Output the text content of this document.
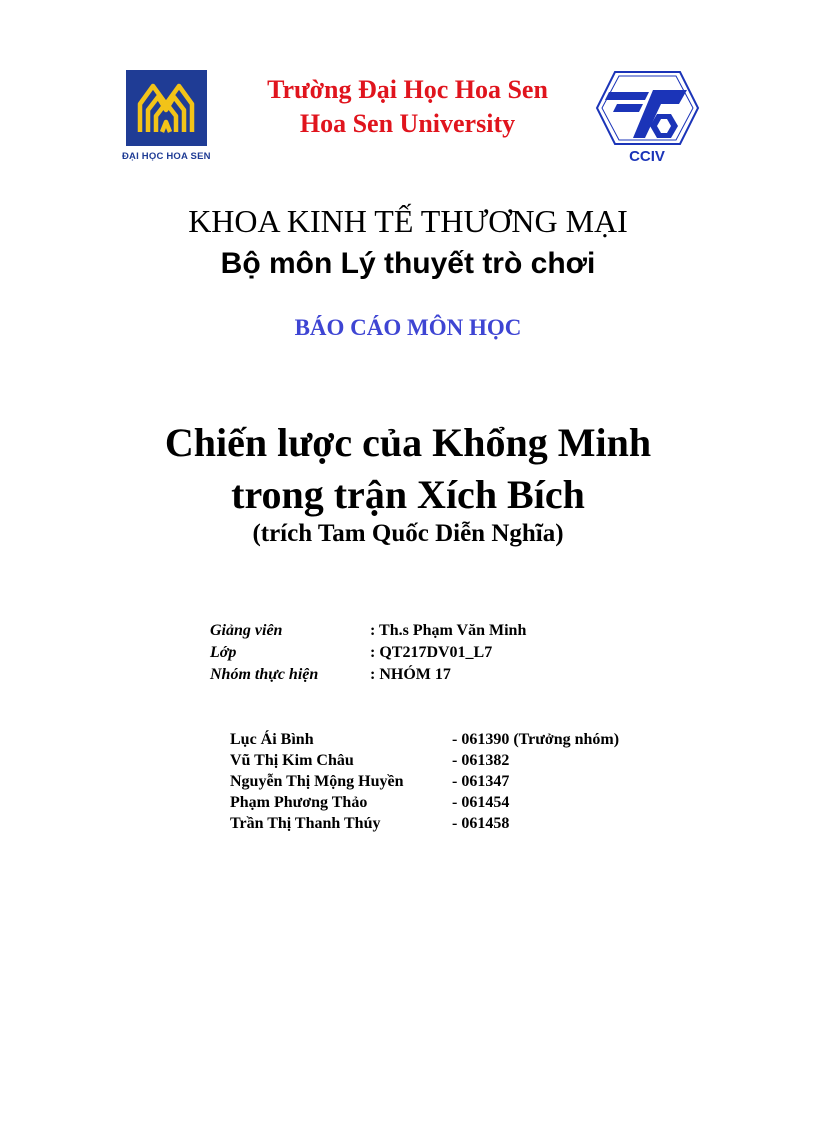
ĐẠI HỌC HOA SEN
Trường Đại Học Hoa Sen
Hoa Sen University
CCIV
KHOA KINH TẾ THƯƠNG MẠI
Bộ môn Lý thuyết trò chơi
BÁO CÁO MÔN HỌC
Chiến lược của Khổng Minh
trong trận Xích Bích
(trích Tam Quốc Diễn Nghĩa)
Giảng viên	: Th.s Phạm Văn Minh
Lớp	: QT217DV01_L7
Nhóm thực hiện	: NHÓM 17
Lục Ái Bình	- 061390 (Trưởng nhóm)
Vũ Thị Kim Châu	- 061382
Nguyễn Thị Mộng Huyền	- 061347
Phạm Phương Thảo	- 061454
Trần Thị Thanh Thúy	- 061458
